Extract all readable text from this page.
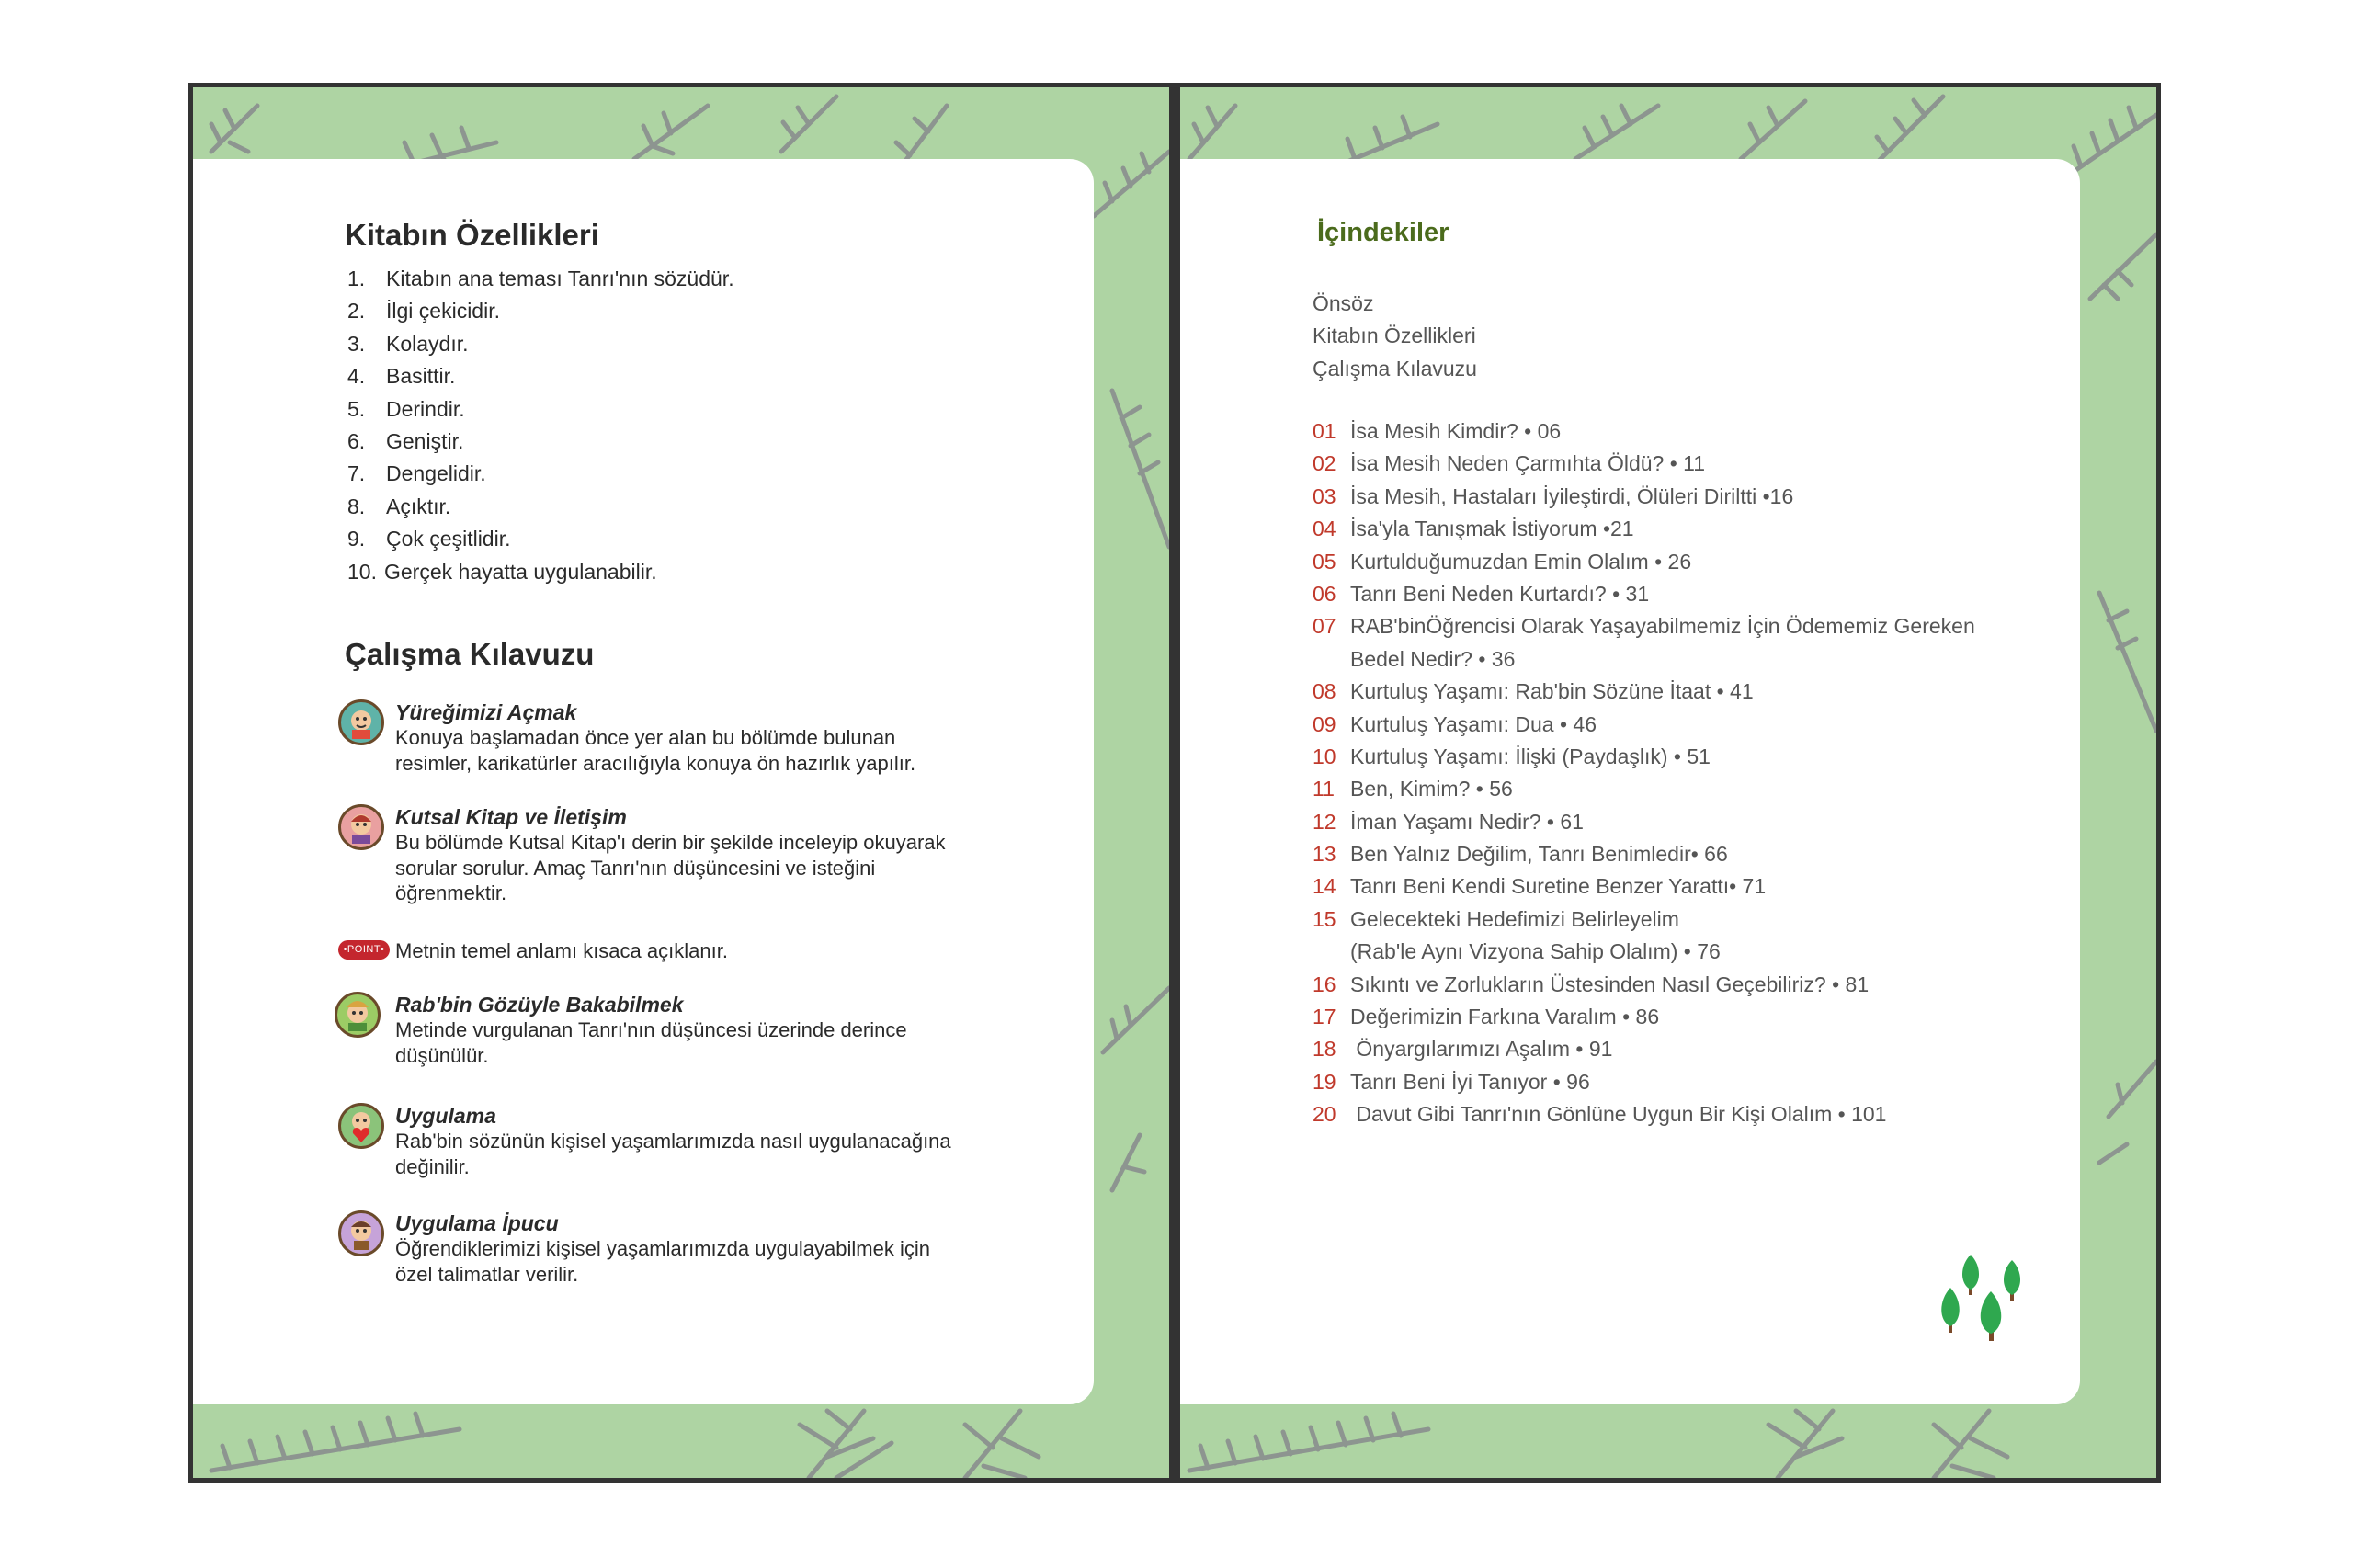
Kitabın Özellikleri
1. Kitabın ana teması Tanrı'nın sözüdür.
2. İlgi çekicidir.
3. Kolaydır.
4. Basittir.
5. Derindir.
6. Geniştir.
7. Dengelidir.
8. Açıktır.
9. Çok çeşitlidir.
10. Gerçek hayatta uygulanabilir.
Çalışma Kılavuzu
Yüreğimizi Açmak
Konuya başlamadan önce yer alan bu bölümde bulunan
resimler, karikatürler aracılığıyla konuya ön hazırlık yapılır.
Kutsal Kitap ve İletişim
Bu bölümde Kutsal Kitap'ı derin bir şekilde inceleyip okuyarak
sorular sorulur. Amaç Tanrı'nın düşüncesini ve isteğini
öğrenmektir.
•POINT• Metnin temel anlamı kısaca açıklanır.
Rab'bin Gözüyle Bakabilmek
Metinde vurgulanan Tanrı'nın düşüncesi üzerinde derince
düşünülür.
Uygulama
Rab'bin sözünün kişisel yaşamlarımızda nasıl uygulanacağına
değinilir.
Uygulama İpucu
Öğrendiklerimizi kişisel yaşamlarımızda uygulayabilmek için
özel talimatlar verilir.
İçindekiler
Önsöz
Kitabın Özellikleri
Çalışma Kılavuzu
01 İsa Mesih Kimdir? • 06
02 İsa Mesih Neden Çarmıhta Öldü? • 11
03 İsa Mesih, Hastaları İyileştirdi, Ölüleri Diriltti •16
04 İsa'yla Tanışmak İstiyorum •21
05 Kurtulduğumuzdan Emin Olalım • 26
06 Tanrı Beni Neden Kurtardı? • 31
07 RAB'binÖğrencisi Olarak Yaşayabilmemiz İçin Ödememiz Gereken
Bedel Nedir? • 36
08 Kurtuluş Yaşamı: Rab'bin Sözüne İtaat • 41
09 Kurtuluş Yaşamı: Dua • 46
10 Kurtuluş Yaşamı: İlişki (Paydaşlık) • 51
11 Ben, Kimim? • 56
12 İman Yaşamı Nedir? • 61
13 Ben Yalnız Değilim, Tanrı Benimledir• 66
14 Tanrı Beni Kendi Suretine Benzer Yarattı• 71
15 Gelecekteki Hedefimizi Belirleyelim
(Rab'le Aynı Vizyona Sahip Olalım) • 76
16 Sıkıntı ve Zorlukların Üstesinden Nasıl Geçebiliriz? • 81
17 Değerimizin Farkına Varalım • 86
18 Önyargılarımızı Aşalım • 91
19 Tanrı Beni İyi Tanıyor • 96
20 Davut Gibi Tanrı'nın Gönlüne Uygun Bir Kişi Olalım • 101
